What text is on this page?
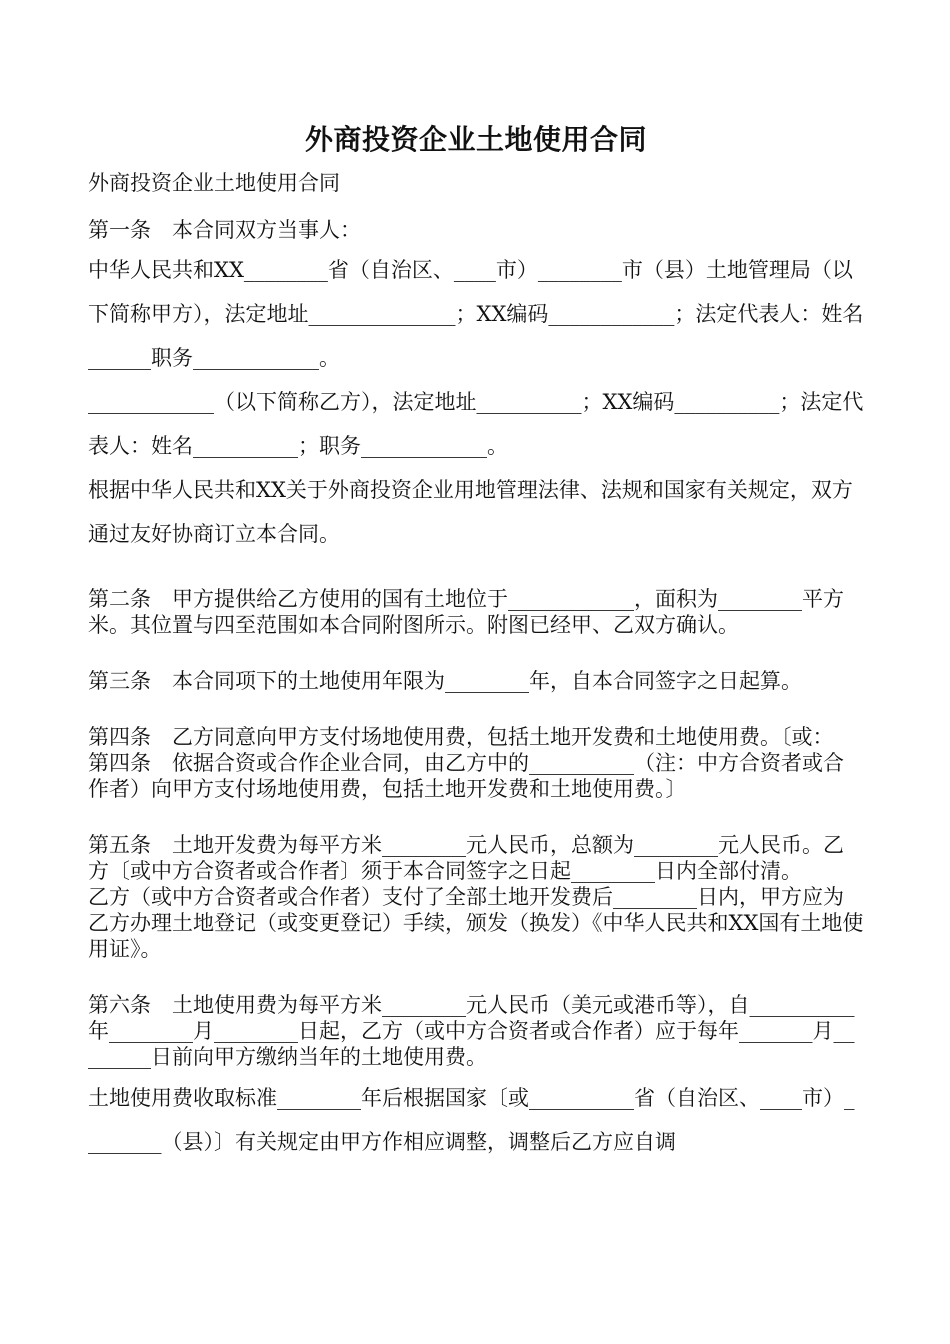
外商投资企业土地使用合同

外商投资企业土地使用合同

第一条　本合同双方当事人：

中华人民共和XX________省（自治区、____市）________市（县）土地管理局（以下简称甲方），法定地址______________；XX编码____________；法定代表人：姓名______职务____________。

____________（以下简称乙方），法定地址__________；XX编码__________；法定代表人：姓名__________；职务____________。

根据中华人民共和XX关于外商投资企业用地管理法律、法规和国家有关规定，双方通过友好协商订立本合同。

第二条　甲方提供给乙方使用的国有土地位于____________，面积为________平方米。其位置与四至范围如本合同附图所示。附图已经甲、乙双方确认。

第三条　本合同项下的土地使用年限为________年，自本合同签字之日起算。

第四条　乙方同意向甲方支付场地使用费，包括土地开发费和土地使用费。〔或：

第四条　依据合资或合作企业合同，由乙方中的__________（注：中方合资者或合作者）向甲方支付场地使用费，包括土地开发费和土地使用费。〕

第五条　土地开发费为每平方米________元人民币，总额为________元人民币。乙方〔或中方合资者或合作者〕须于本合同签字之日起________日内全部付清。

乙方（或中方合资者或合作者）支付了全部土地开发费后________日内，甲方应为乙方办理土地登记（或变更登记）手续，颁发（换发）《中华人民共和XX国有土地使用证》。

第六条　土地使用费为每平方米________元人民币（美元或港币等），自__________年________月________日起，乙方（或中方合资者或合作者）应于每年_______月________日前向甲方缴纳当年的土地使用费。

土地使用费收取标准________年后根据国家〔或__________省（自治区、____市）________（县）〕有关规定由甲方作相应调整，调整后乙方应自调
